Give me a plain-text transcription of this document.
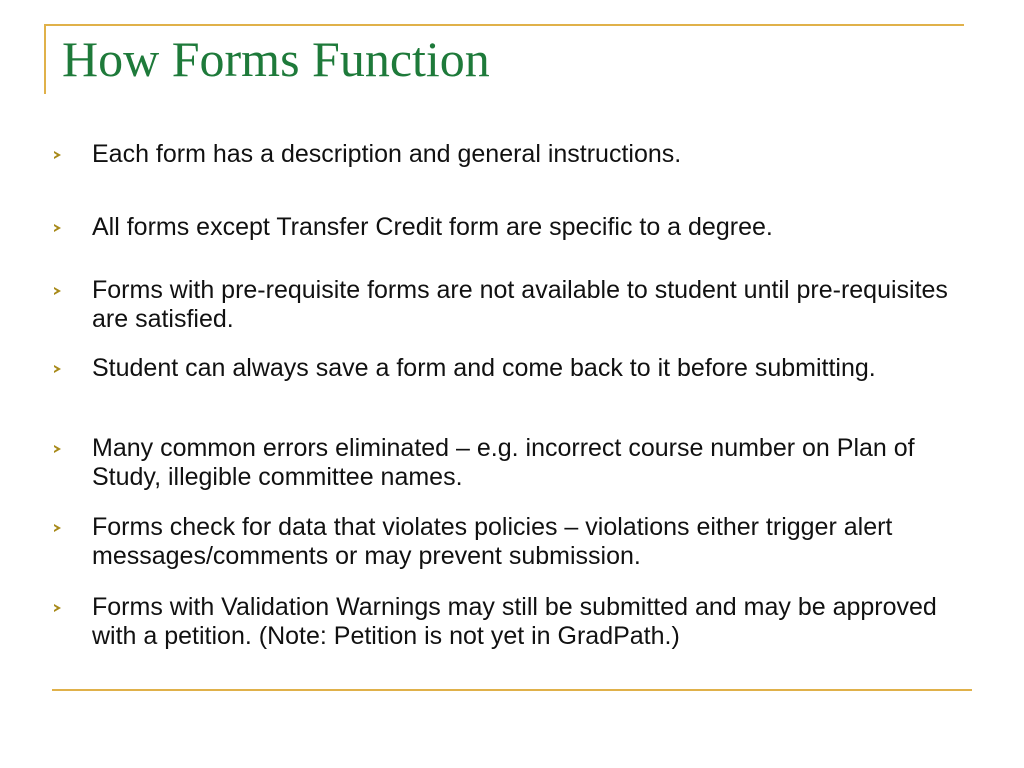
How Forms Function
Each form has a description and general instructions.
All forms except Transfer Credit form are specific to a degree.
Forms with pre-requisite forms are not available to student until pre-requisites are satisfied.
Student can always save a form and come back to it before submitting.
Many common errors eliminated – e.g. incorrect course number on Plan of Study, illegible committee names.
Forms check for data that violates policies – violations either trigger alert messages/comments or may prevent submission.
Forms with Validation Warnings may still be submitted and may be approved with a petition. (Note: Petition is not yet in GradPath.)
